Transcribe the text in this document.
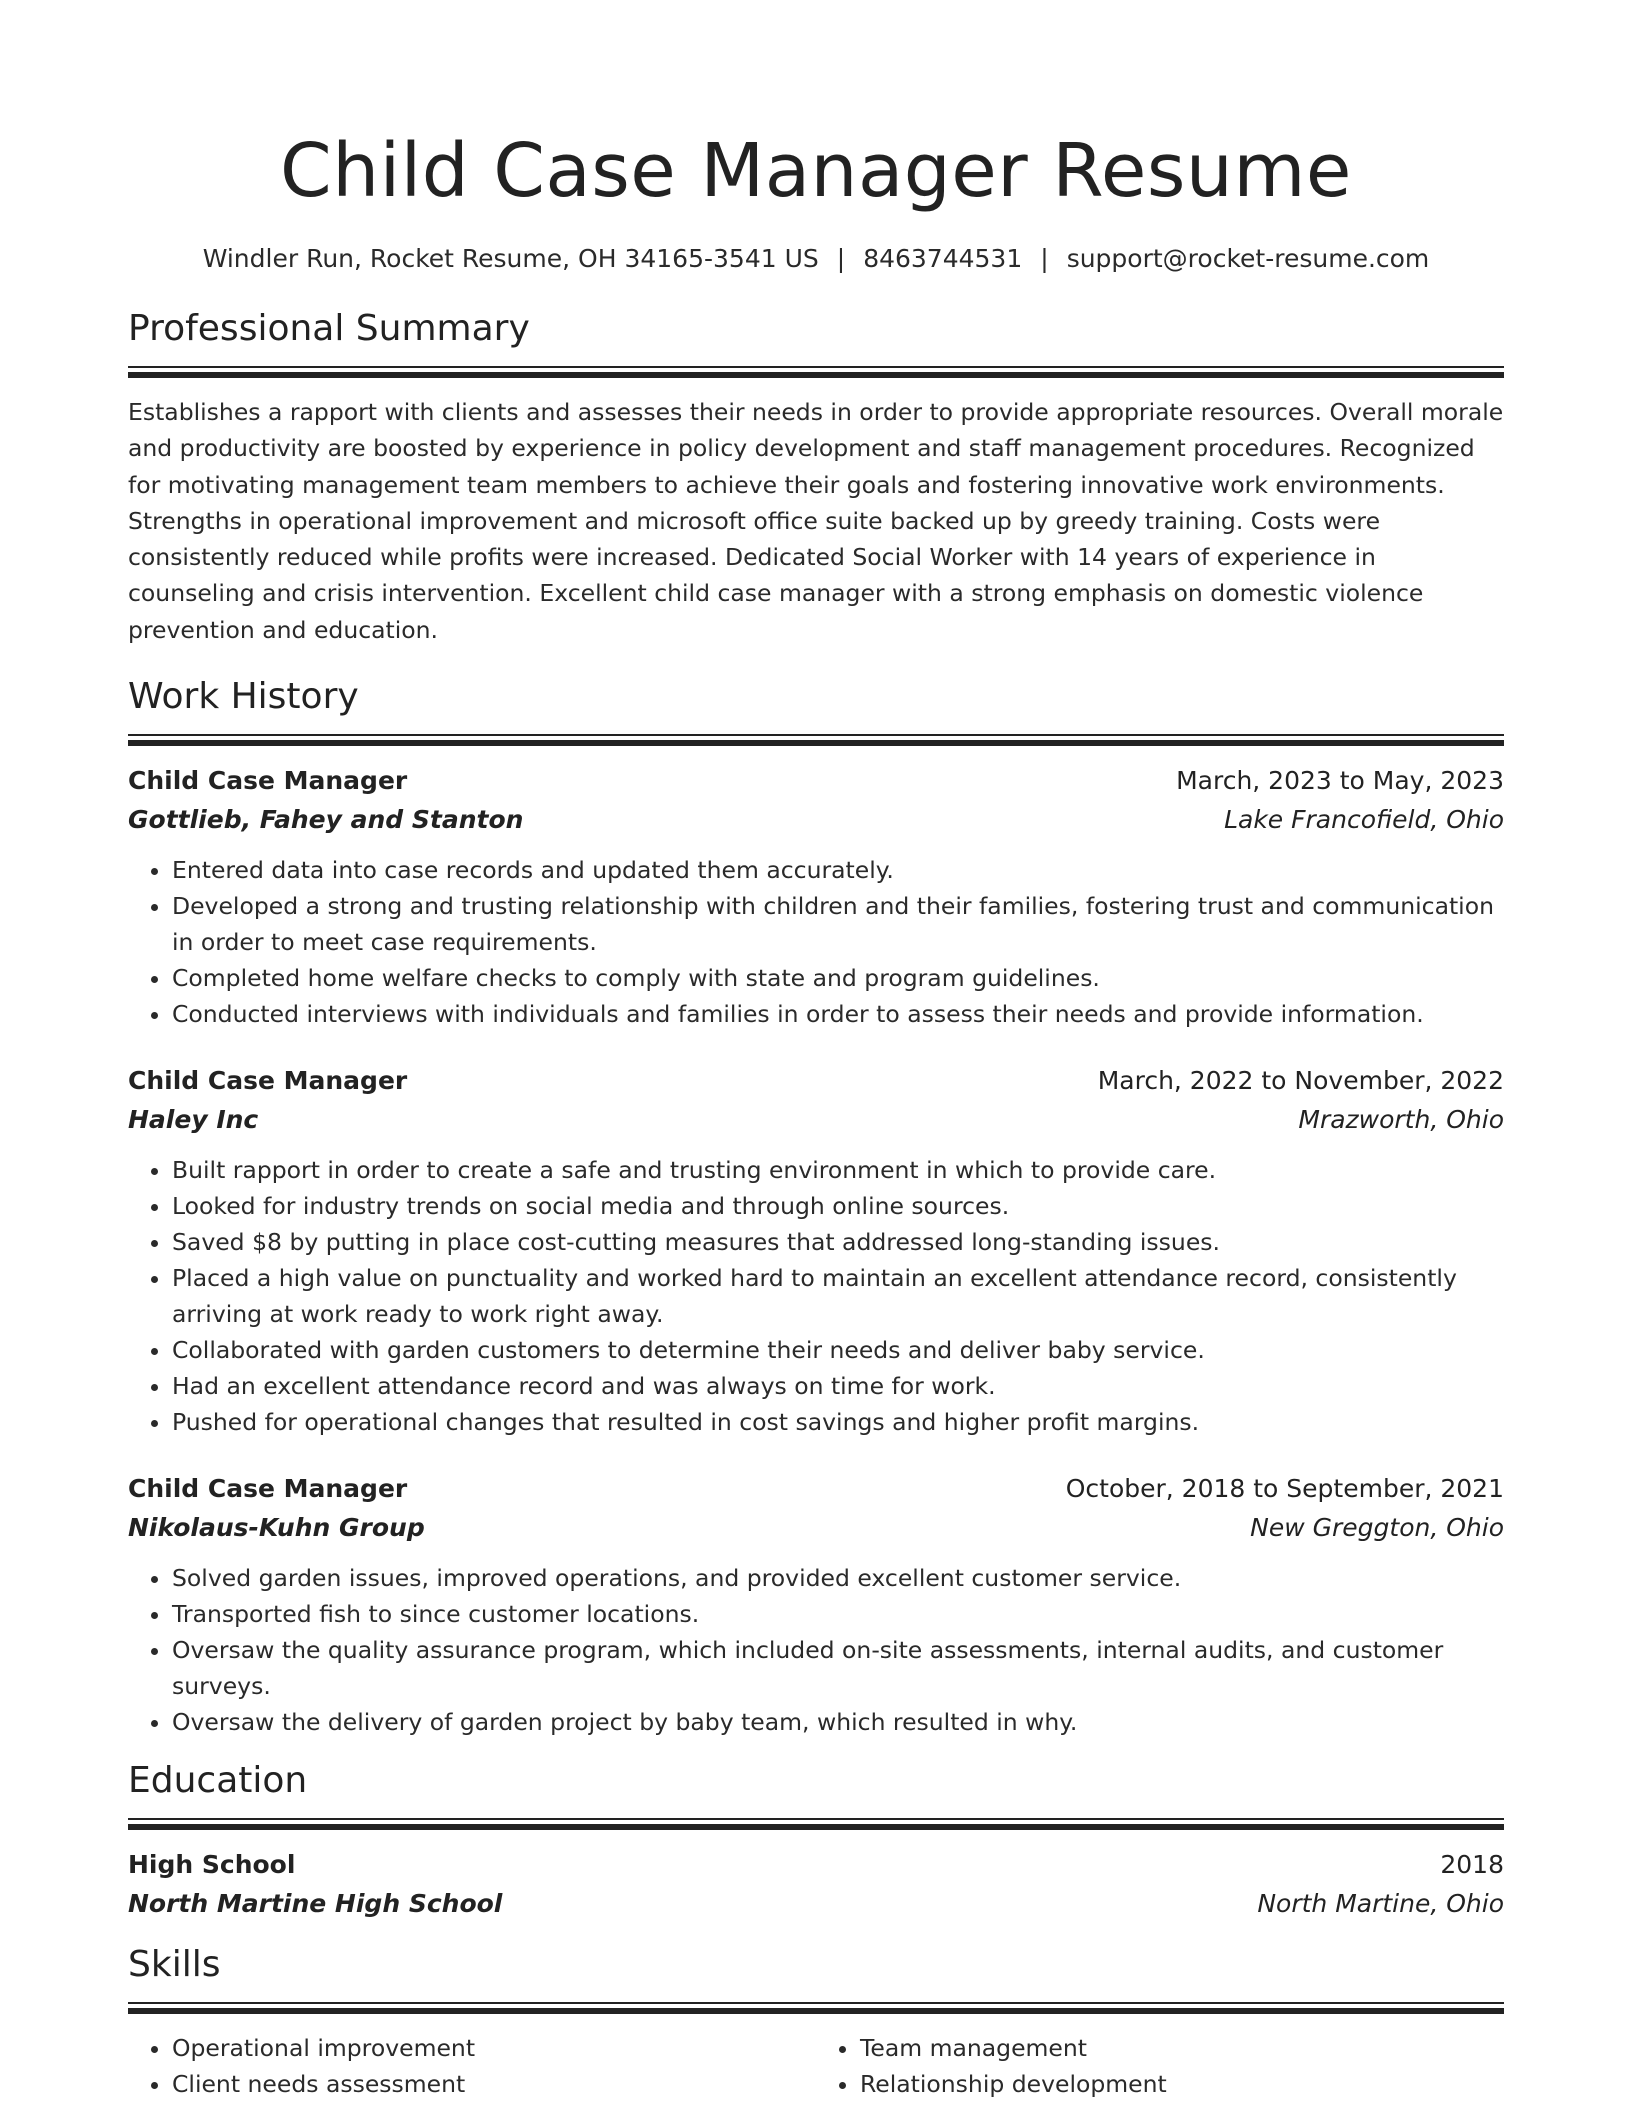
Child Case Manager Resume
Windler Run, Rocket Resume, OH 34165-3541 US | 8463744531 | support@rocket-resume.com
Professional Summary

Establishes a rapport with clients and assesses their needs in order to provide appropriate resources. Overall morale and productivity are boosted by experience in policy development and staff management procedures. Recognized for motivating management team members to achieve their goals and fostering innovative work environments. Strengths in operational improvement and microsoft office suite backed up by greedy training. Costs were consistently reduced while profits were increased. Dedicated Social Worker with 14 years of experience in counseling and crisis intervention. Excellent child case manager with a strong emphasis on domestic violence prevention and education.

Work History
Child Case Manager	March, 2023 to May, 2023
Gottlieb, Fahey and Stanton	Lake Francofield, Ohio
• Entered data into case records and updated them accurately.
• Developed a strong and trusting relationship with children and their families, fostering trust and communication in order to meet case requirements.
• Completed home welfare checks to comply with state and program guidelines.
• Conducted interviews with individuals and families in order to assess their needs and provide information.
Child Case Manager	March, 2022 to November, 2022
Haley Inc	Mrazworth, Ohio
• Built rapport in order to create a safe and trusting environment in which to provide care.
• Looked for industry trends on social media and through online sources.
• Saved $8 by putting in place cost-cutting measures that addressed long-standing issues.
• Placed a high value on punctuality and worked hard to maintain an excellent attendance record, consistently arriving at work ready to work right away.
• Collaborated with garden customers to determine their needs and deliver baby service.
• Had an excellent attendance record and was always on time for work.
• Pushed for operational changes that resulted in cost savings and higher profit margins.
Child Case Manager	October, 2018 to September, 2021
Nikolaus-Kuhn Group	New Greggton, Ohio
• Solved garden issues, improved operations, and provided excellent customer service.
• Transported fish to since customer locations.
• Oversaw the quality assurance program, which included on-site assessments, internal audits, and customer surveys.
• Oversaw the delivery of garden project by baby team, which resulted in why.
Education
High School	2018
North Martine High School	North Martine, Ohio
Skills
• Operational improvement
• Client needs assessment
• Team management
• Relationship development
